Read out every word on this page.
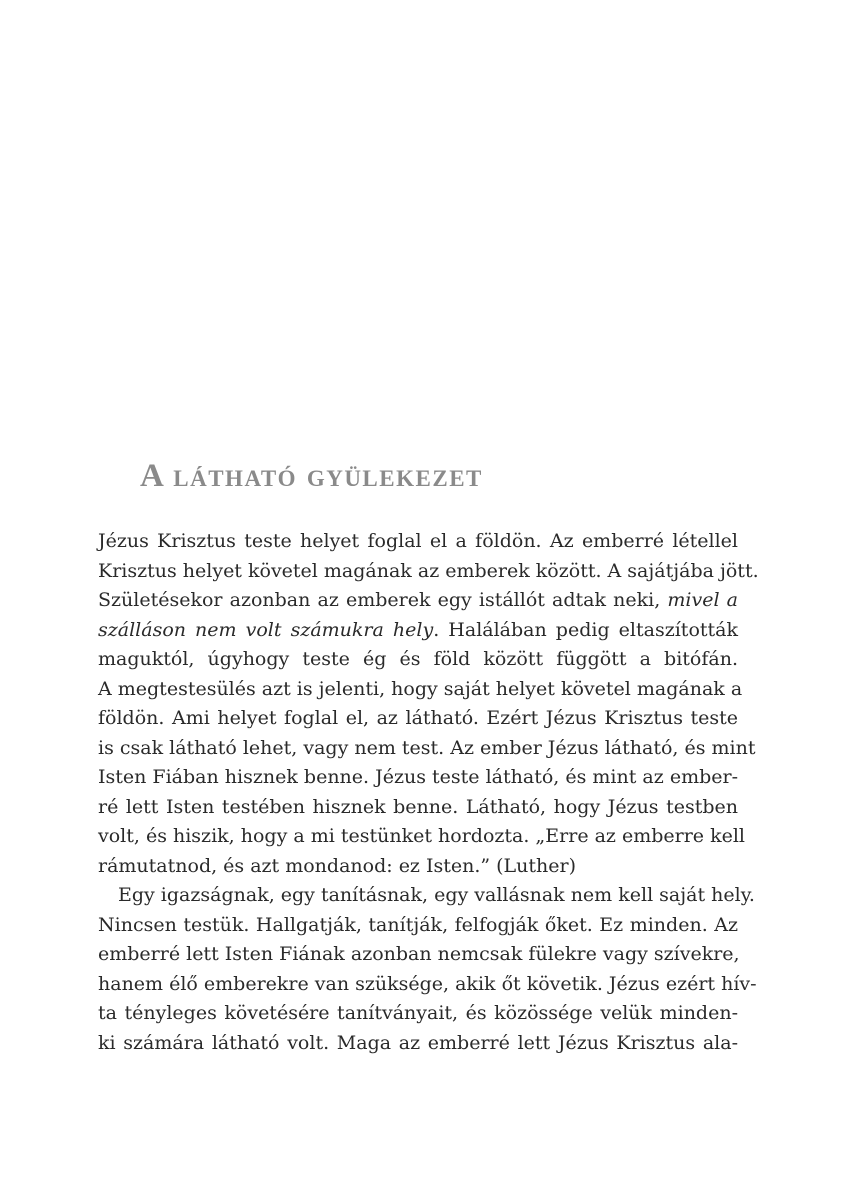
A látható gyülekezet
Jézus Krisztus teste helyet foglal el a földön. Az emberré létellel
Krisztus helyet követel magának az emberek között. A sajátjába jött.
Születésekor azonban az emberek egy istállót adtak neki, mivel a
szálláson nem volt számukra hely. Halálában pedig eltaszították
maguktól, úgyhogy teste ég és föld között függött a bitófán.
A megtestesülés azt is jelenti, hogy saját helyet követel magának a
földön. Ami helyet foglal el, az látható. Ezért Jézus Krisztus teste
is csak látható lehet, vagy nem test. Az ember Jézus látható, és mint
Isten Fiában hisznek benne. Jézus teste látható, és mint az ember-
ré lett Isten testében hisznek benne. Látható, hogy Jézus testben
volt, és hiszik, hogy a mi testünket hordozta. „Erre az emberre kell
rámutatnod, és azt mondanod: ez Isten.” (Luther)
Egy igazságnak, egy tanításnak, egy vallásnak nem kell saját hely.
Nincsen testük. Hallgatják, tanítják, felfogják őket. Ez minden. Az
emberré lett Isten Fiának azonban nemcsak fülekre vagy szívekre,
hanem élő emberekre van szüksége, akik őt követik. Jézus ezért hív-
ta tényleges követésére tanítványait, és közössége velük minden-
ki számára látható volt. Maga az emberré lett Jézus Krisztus ala-
